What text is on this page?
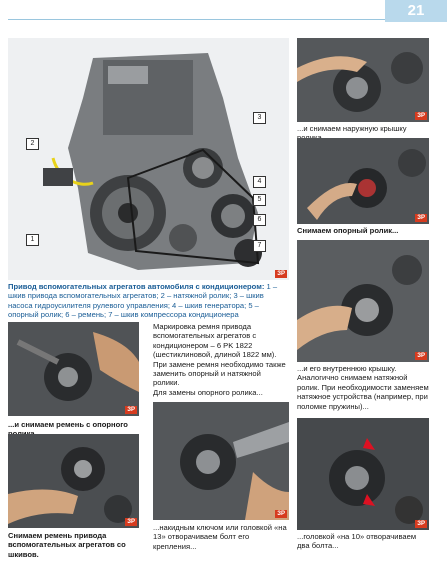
21
1
2
3
4
5
6
7
ЗР
Привод вспомогательных агрегатов автомобиля с кондиционером: 1 – шкив привода вспомогательных агрегатов; 2 – натяжной ролик; 3 – шкив насоса гидроусилителя рулевого управления; 4 – шкив генератора; 5 – опорный ролик; 6 – ремень; 7 – шкив компрессора кондиционера
ЗР
...и снимаем наружную крышку
ЗР
Снимаем опорный ролик...
ЗР
...и его внутреннюю крышку.
Аналогично снимаем натяжной ролик. При необходимости заменяем натяжное устройства (например, при поломке пружины)...
ЗР
...головкой «на 10» отворачиваем два болта...
ЗР
...и снимаем ремень с опорного
ЗР
Снимаем ремень привода вспомогательных агрегатов со шкивов.
Маркировка ремня привода вспомогательных агрегатов с кондиционером – 6 PK 1822 (шестиклиновой, длиной 1822 мм). При замене ремня необходимо также заменить опорный и натяжной ролики.
Для замены опорного ролика...
ЗР
...накидным ключом или головкой «на 13» отворачиваем болт его крепления...
